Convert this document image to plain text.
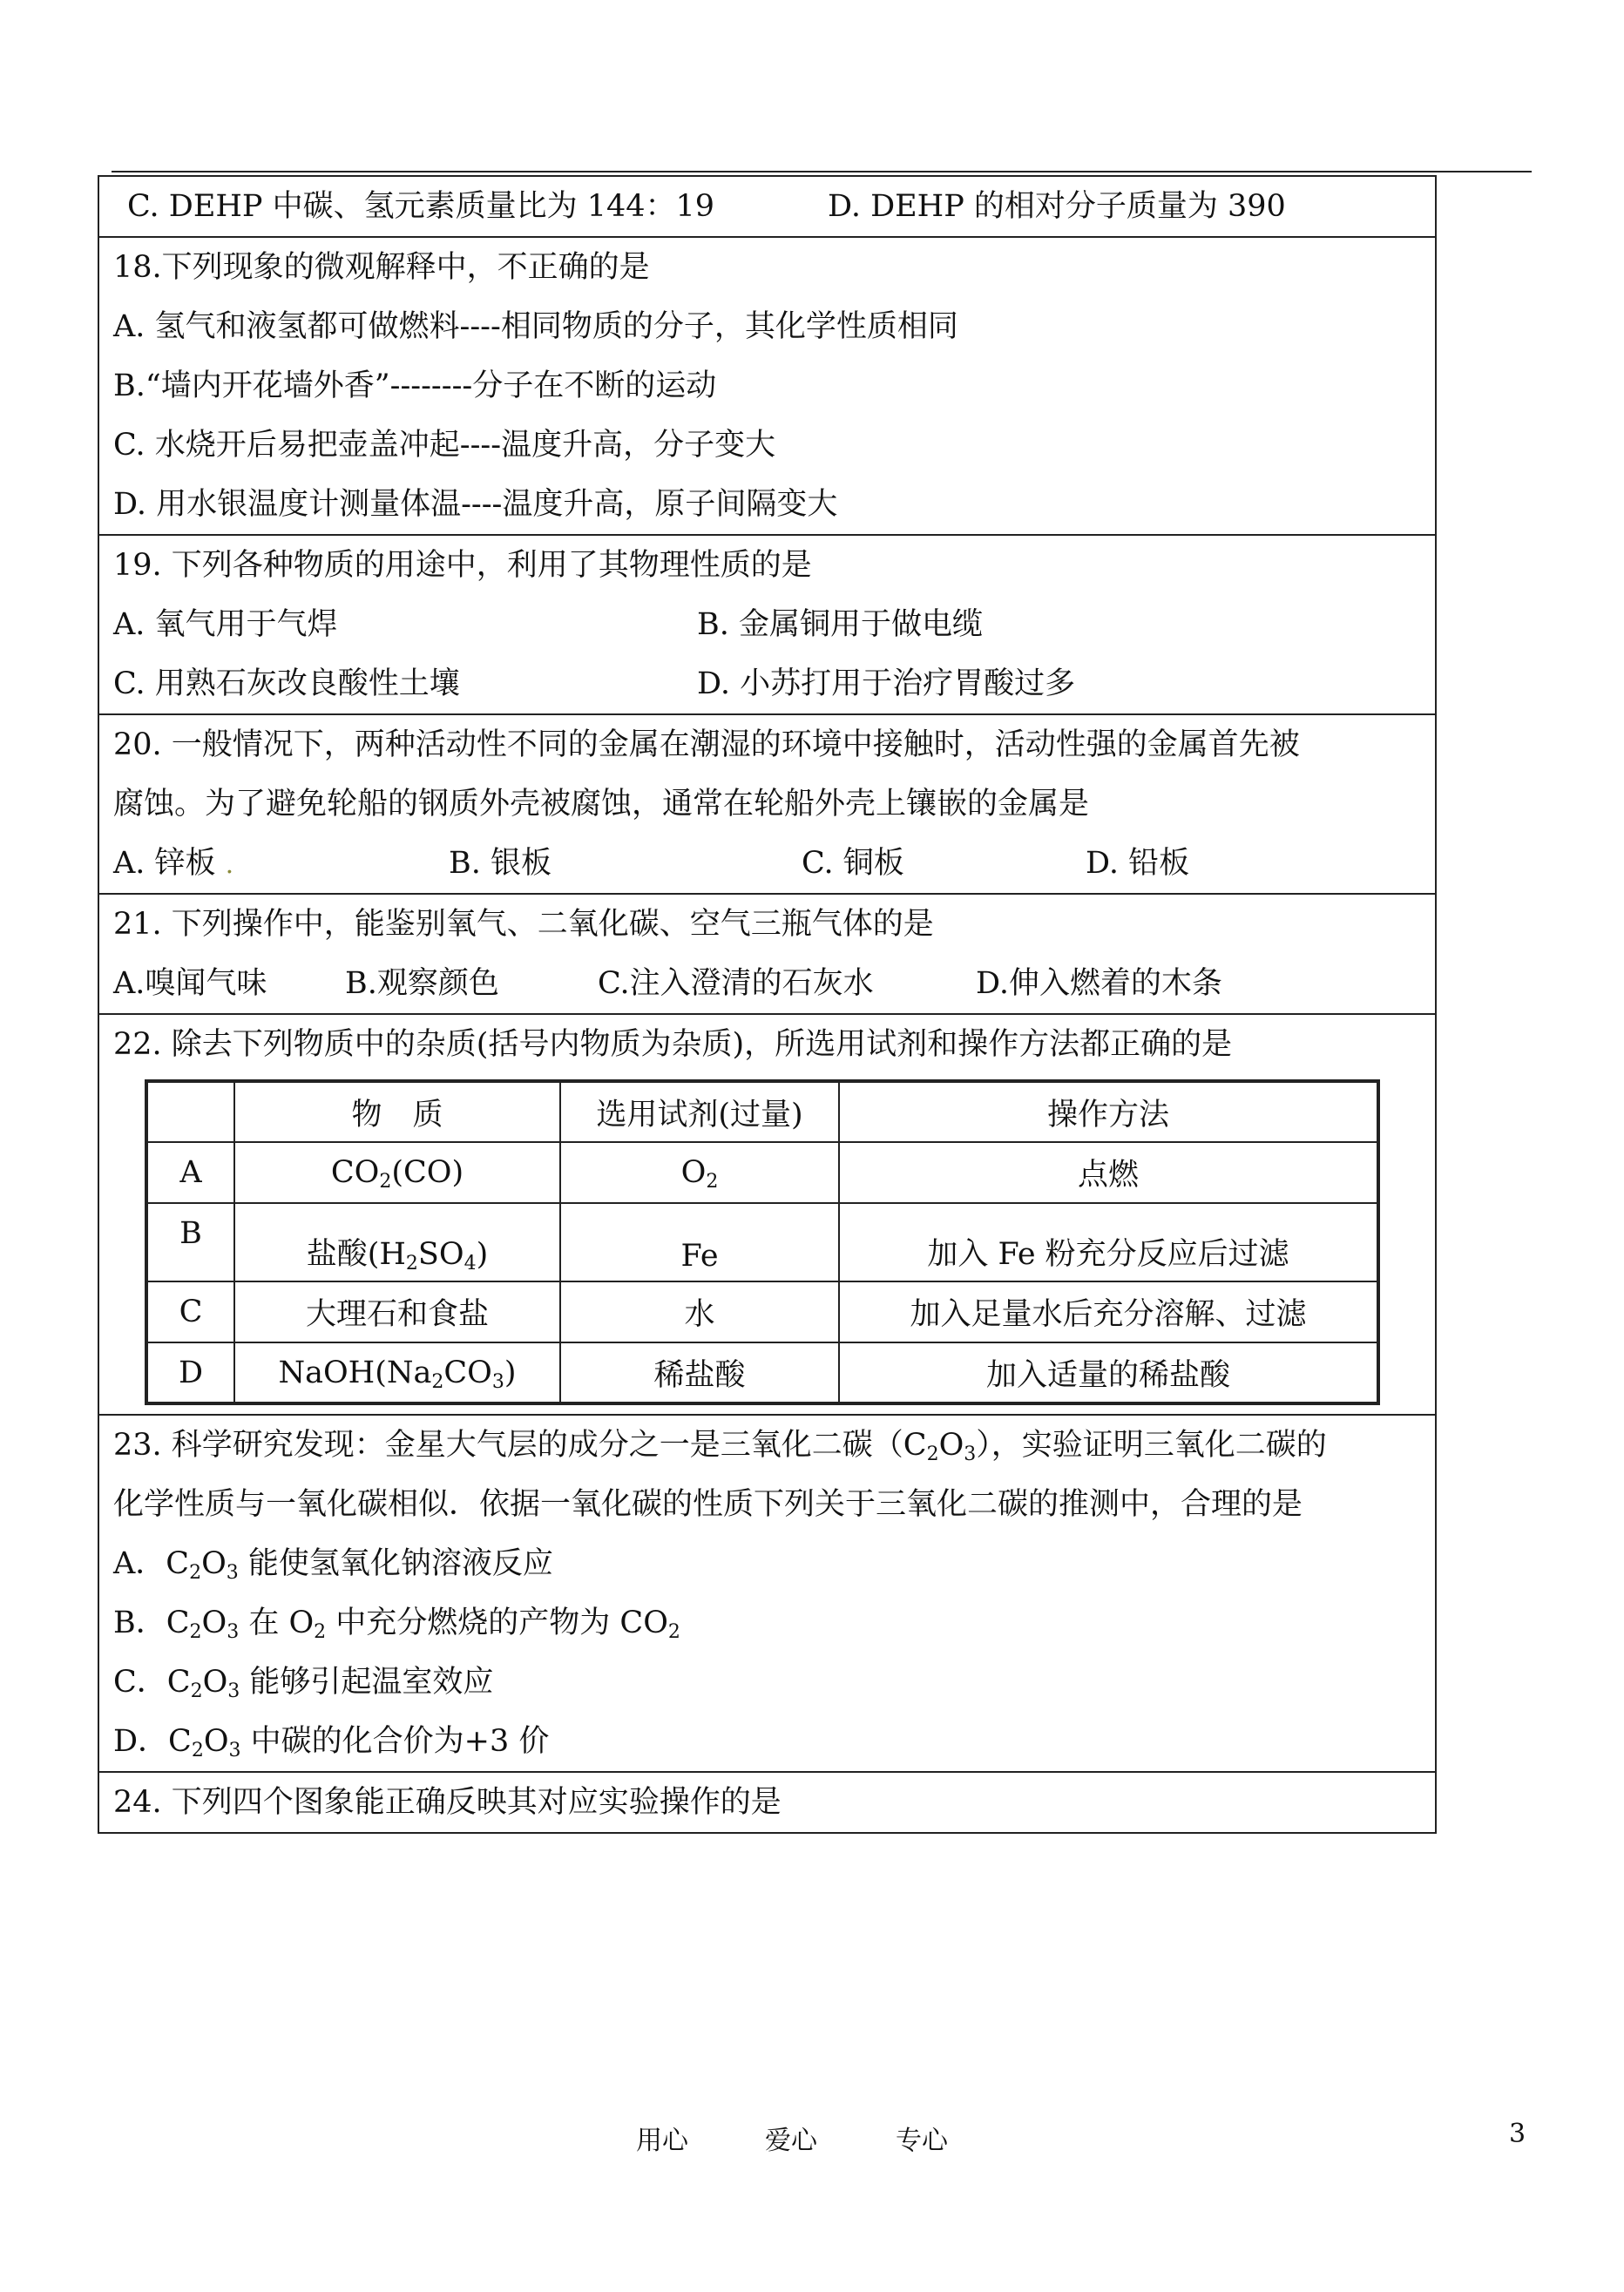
C. DEHP 中碳、氢元素质量比为 144：19	D. DEHP 的相对分子质量为 390
18.下列现象的微观解释中，不正确的是
A. 氢气和液氢都可做燃料----相同物质的分子，其化学性质相同
B.“墙内开花墙外香”--------分子在不断的运动
C. 水烧开后易把壶盖冲起----温度升高，分子变大
D. 用水银温度计测量体温----温度升高，原子间隔变大
19. 下列各种物质的用途中，利用了其物理性质的是
A. 氧气用于气焊	B. 金属铜用于做电缆
C. 用熟石灰改良酸性土壤	D. 小苏打用于治疗胃酸过多
20. 一般情况下，两种活动性不同的金属在潮湿的环境中接触时，活动性强的金属首先被
腐蚀。为了避免轮船的钢质外壳被腐蚀，通常在轮船外壳上镶嵌的金属是
A. 锌板 .	B. 银板	C. 铜板	D. 铅板
21. 下列操作中，能鉴别氧气、二氧化碳、空气三瓶气体的是
A.嗅闻气味	B.观察颜色	C.注入澄清的石灰水	D.伸入燃着的木条
22. 除去下列物质中的杂质(括号内物质为杂质)，所选用试剂和操作方法都正确的是
	物　质	选用试剂(过量)	操作方法
A	$CO_2(CO)$	$O_2$	点燃
B	盐酸$(H_2SO_4)$	Fe	加入 Fe 粉充分反应后过滤
C	大理石和食盐	水	加入足量水后充分溶解、过滤
D	$NaOH(Na_2CO_3)$	稀盐酸	加入适量的稀盐酸
23. 科学研究发现：金星大气层的成分之一是三氧化二碳$(C_2O_3)$，实验证明三氧化二碳的
化学性质与一氧化碳相似．依据一氧化碳的性质下列关于三氧化二碳的推测中，合理的是
A．$C_2O_3$ 能使氢氧化钠溶液反应
B．$C_2O_3$ 在 $O_2$ 中充分燃烧的产物为 $CO_2$
C．$C_2O_3$ 能够引起温室效应
D．$C_2O_3$ 中碳的化合价为+3 价
24. 下列四个图象能正确反映其对应实验操作的是
用心	爱心	专心	3
